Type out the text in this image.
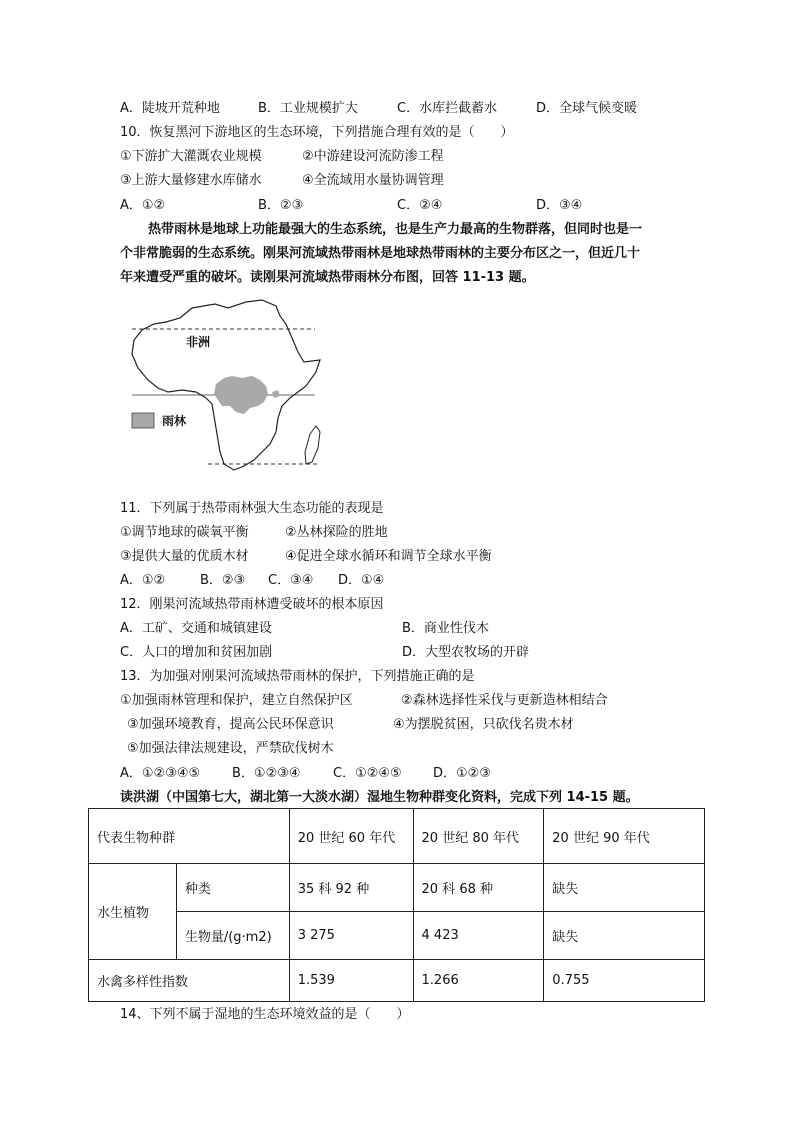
A．陡坡开荒种地	B．工业规模扩大	C．水库拦截蓄水	D．全球气候变暖
10．恢复黑河下游地区的生态环境，下列措施合理有效的是（　　）
①下游扩大灌溉农业规模	②中游建设河流防渗工程
③上游大量修建水库储水	④全流域用水量协调管理
A．①②	B．②③	C．②④	D．③④
热带雨林是地球上功能最强大的生态系统，也是生产力最高的生物群落，但同时也是一
个非常脆弱的生态系统。刚果河流域热带雨林是地球热带雨林的主要分布区之一，但近几十
年来遭受严重的破坏。读刚果河流域热带雨林分布图，回答 11-13 题。
非洲
雨林
11．下列属于热带雨林强大生态功能的表现是
①调节地球的碳氧平衡	②丛林探险的胜地
③提供大量的优质木材	④促进全球水循环和调节全球水平衡
A．①②	B．②③ C．③④ D．①④
12．刚果河流域热带雨林遭受破坏的根本原因
A．工矿、交通和城镇建设	B．商业性伐木
C．人口的增加和贫困加剧	D．大型农牧场的开辟
13．为加强对刚果河流域热带雨林的保护，下列措施正确的是
①加强雨林管理和保护，建立自然保护区	②森林选择性采伐与更新造林相结合
③加强环境教育，提高公民环保意识	④为摆脱贫困，只砍伐名贵木材
⑤加强法律法规建设，严禁砍伐树木
A．①②③④⑤ B．①②③④ C．①②④⑤ D．①②③
读洪湖（中国第七大，湖北第一大淡水湖）湿地生物种群变化资料，完成下列 14-15 题。
代表生物种群		20 世纪 60 年代	20 世纪 80 年代	20 世纪 90 年代
水生植物	种类	35 科 92 种	20 科 68 种	缺失
	生物量/(g·m2)	3 275	4 423	缺失
水禽多样性指数		1.539	1.266	0.755
14、下列不属于湿地的生态环境效益的是（　　）
